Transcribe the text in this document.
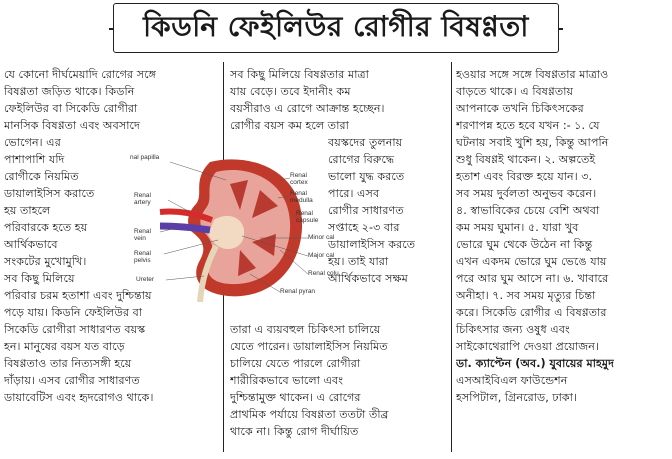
কিডনি ফেইলিউর রোগীর বিষণ্ণতা
যে কোনো দীর্ঘমেয়াদি রোগের সঙ্গে
বিষণ্ণতা জড়িত থাকে। কিডনি
ফেইলিউর বা সিকেডি রোগীরা
মানসিক বিষণ্ণতা এবং অবসাদে
ভোগেন। এর
পাশাপাশি যদি
রোগীকে নিয়মিত
ডায়ালাইসিস করাতে
হয় তাহলে
পরিবারকে হতে হয়
আর্থিকভাবে
সংকটের মুখোমুখি।
সব কিছু মিলিয়ে
পরিবার চরম হতাশা এবং দুশ্চিন্তায়
পড়ে যায়। কিডনি ফেইলিউর বা
সিকেডি রোগীরা সাধারণত বয়স্ক
হন। মানুষের বয়স যত বাড়ে
বিষণ্ণতাও তার নিত্যসঙ্গী হয়ে
দাঁড়ায়। এসব রোগীর সাধারণত
ডায়াবেটিস এবং হৃদরোগও থাকে।
সব কিছু মিলিয়ে বিষণ্ণতার মাত্রা
যায় বেড়ে। তবে ইদানীং কম
বয়সীরাও এ রোগে আক্রান্ত হচ্ছেন।
রোগীর বয়স কম হলে তারা
বয়স্কদের তুলনায়
রোগের বিরুদ্ধে
ভালো যুদ্ধ করতে
পারে। এসব
রোগীর সাধারণত
সপ্তাহে ২-৩ বার
ডায়ালাইসিস করতে
হয়। তাই যারা
আর্থিকভাবে সক্ষম
তারা এ ব্যয়বহুল চিকিৎসা চালিয়ে
যেতে পারেন। ডায়ালাইসিস নিয়মিত
চালিয়ে যেতে পারলে রোগীরা
শারীরিকভাবে ভালো এবং
দুশ্চিন্তামুক্ত থাকেন। এ রোগের
প্রাথমিক পর্যায়ে বিষণ্ণতা ততটা তীব্র
থাকে না। কিন্তু রোগ দীর্ঘায়িত
হওয়ার সঙ্গে সঙ্গে বিষণ্ণতার মাত্রাও
বাড়তে থাকে। এ বিষণ্ণতায়
আপনাকে তখনি চিকিৎসকের
শরণাপন্ন হতে হবে যখন :- ১. যে
ঘটনায় সবাই খুশি হয়, কিন্তু আপনি
শুধু বিষণ্ণই থাকেন। ২. অল্পতেই
হতাশ এবং বিরক্ত হয়ে যান। ৩.
সব সময় দুর্বলতা অনুভব করেন।
৪. স্বাভাবিকের চেয়ে বেশি অথবা
কম সময় ঘুমান। ৫. যারা খুব
ভোরে ঘুম থেকে উঠেন না কিন্তু
এখন একদম ভোরে ঘুম ভেঙে যায়
পরে আর ঘুম আসে না। ৬. খাবারে
অনীহা। ৭. সব সময় মৃত্যুর চিন্তা
করে। সিকেডি রোগীর এ বিষণ্ণতার
চিকিৎসার জন্য ওষুধ এবং
সাইকোথেরাপি দেওয়া প্রয়োজন।
ডা. ক্যাপ্টেন (অব.) যুবায়ের মাহমুদ
এসআইবিএল ফাউন্ডেশন
হসপিটাল, গ্রিনরোড, ঢাকা।
nal papilla
Renal artery
Renal vein
Renal pelvis
Ureter
Renal cortex
Renal medulla
Renal capsule
Minor cal
Major cal
Renal colu
Renal pyran
